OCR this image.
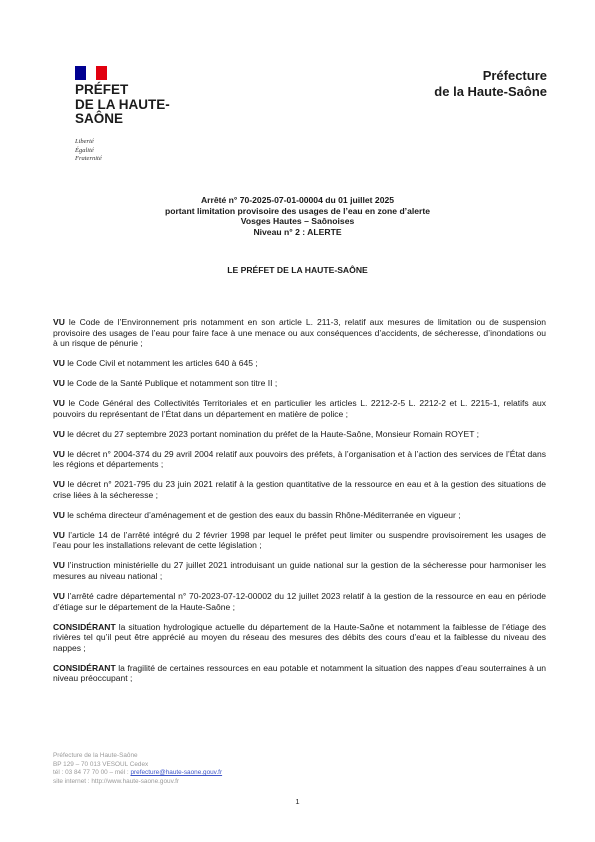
PRÉFET
DE LA HAUTE-
SAÔNE
Liberté
Égalité
Fraternité
Préfecture
de la Haute-Saône
Arrêté n° 70-2025-07-01-00004 du 01 juillet 2025
portant limitation provisoire des usages de l’eau en zone d’alerte
Vosges Hautes – Saônoises
Niveau n° 2 : ALERTE
LE PRÉFET DE LA HAUTE-SAÔNE

VU le Code de l’Environnement pris notamment en son article L. 211-3, relatif aux mesures de limitation ou de suspension provisoire des usages de l’eau pour faire face à une menace ou aux conséquences d’accidents, de sécheresse, d’inondations ou à un risque de pénurie ;

VU le Code Civil et notamment les articles 640 à 645 ;

VU le Code de la Santé Publique et notamment son titre II ;

VU le Code Général des Collectivités Territoriales et en particulier les articles L. 2212-2-5 L. 2212-2 et L. 2215-1, relatifs aux pouvoirs du représentant de l’État dans un département en matière de police ;

VU le décret du 27 septembre 2023 portant nomination du préfet de la Haute-Saône, Monsieur Romain ROYET ;

VU le décret n° 2004-374 du 29 avril 2004 relatif aux pouvoirs des préfets, à l’organisation et à l’action des services de l’État dans les régions et départements ;

VU le décret n° 2021-795 du 23 juin 2021 relatif à la gestion quantitative de la ressource en eau et à la gestion des situations de crise liées à la sécheresse ;

VU le schéma directeur d’aménagement et de gestion des eaux du bassin Rhône-Méditerranée en vigueur ;

VU l’article 14 de l’arrêté intégré du 2 février 1998 par lequel le préfet peut limiter ou suspendre provisoirement les usages de l’eau pour les installations relevant de cette législation ;

VU l’instruction ministérielle du 27 juillet 2021 introduisant un guide national sur la gestion de la sécheresse pour harmoniser les mesures au niveau national ;

VU l’arrêté cadre départemental n° 70-2023-07-12-00002 du 12 juillet 2023 relatif à la gestion de la ressource en eau en période d’étiage sur le département de la Haute-Saône ;

CONSIDÉRANT la situation hydrologique actuelle du département de la Haute-Saône et notamment la faiblesse de l’étiage des rivières tel qu’il peut être apprécié au moyen du réseau des mesures des débits des cours d’eau et la faiblesse du niveau des nappes ;

CONSIDÉRANT la fragilité de certaines ressources en eau potable et notamment la situation des nappes d’eau souterraines à un niveau préoccupant ;

Préfecture de la Haute-Saône
BP 129 – 70 013 VESOUL Cedex
tél : 03 84 77 70 00 – mél : prefecture@haute-saone.gouv.fr
site internet : http://www.haute-saone.gouv.fr
1
